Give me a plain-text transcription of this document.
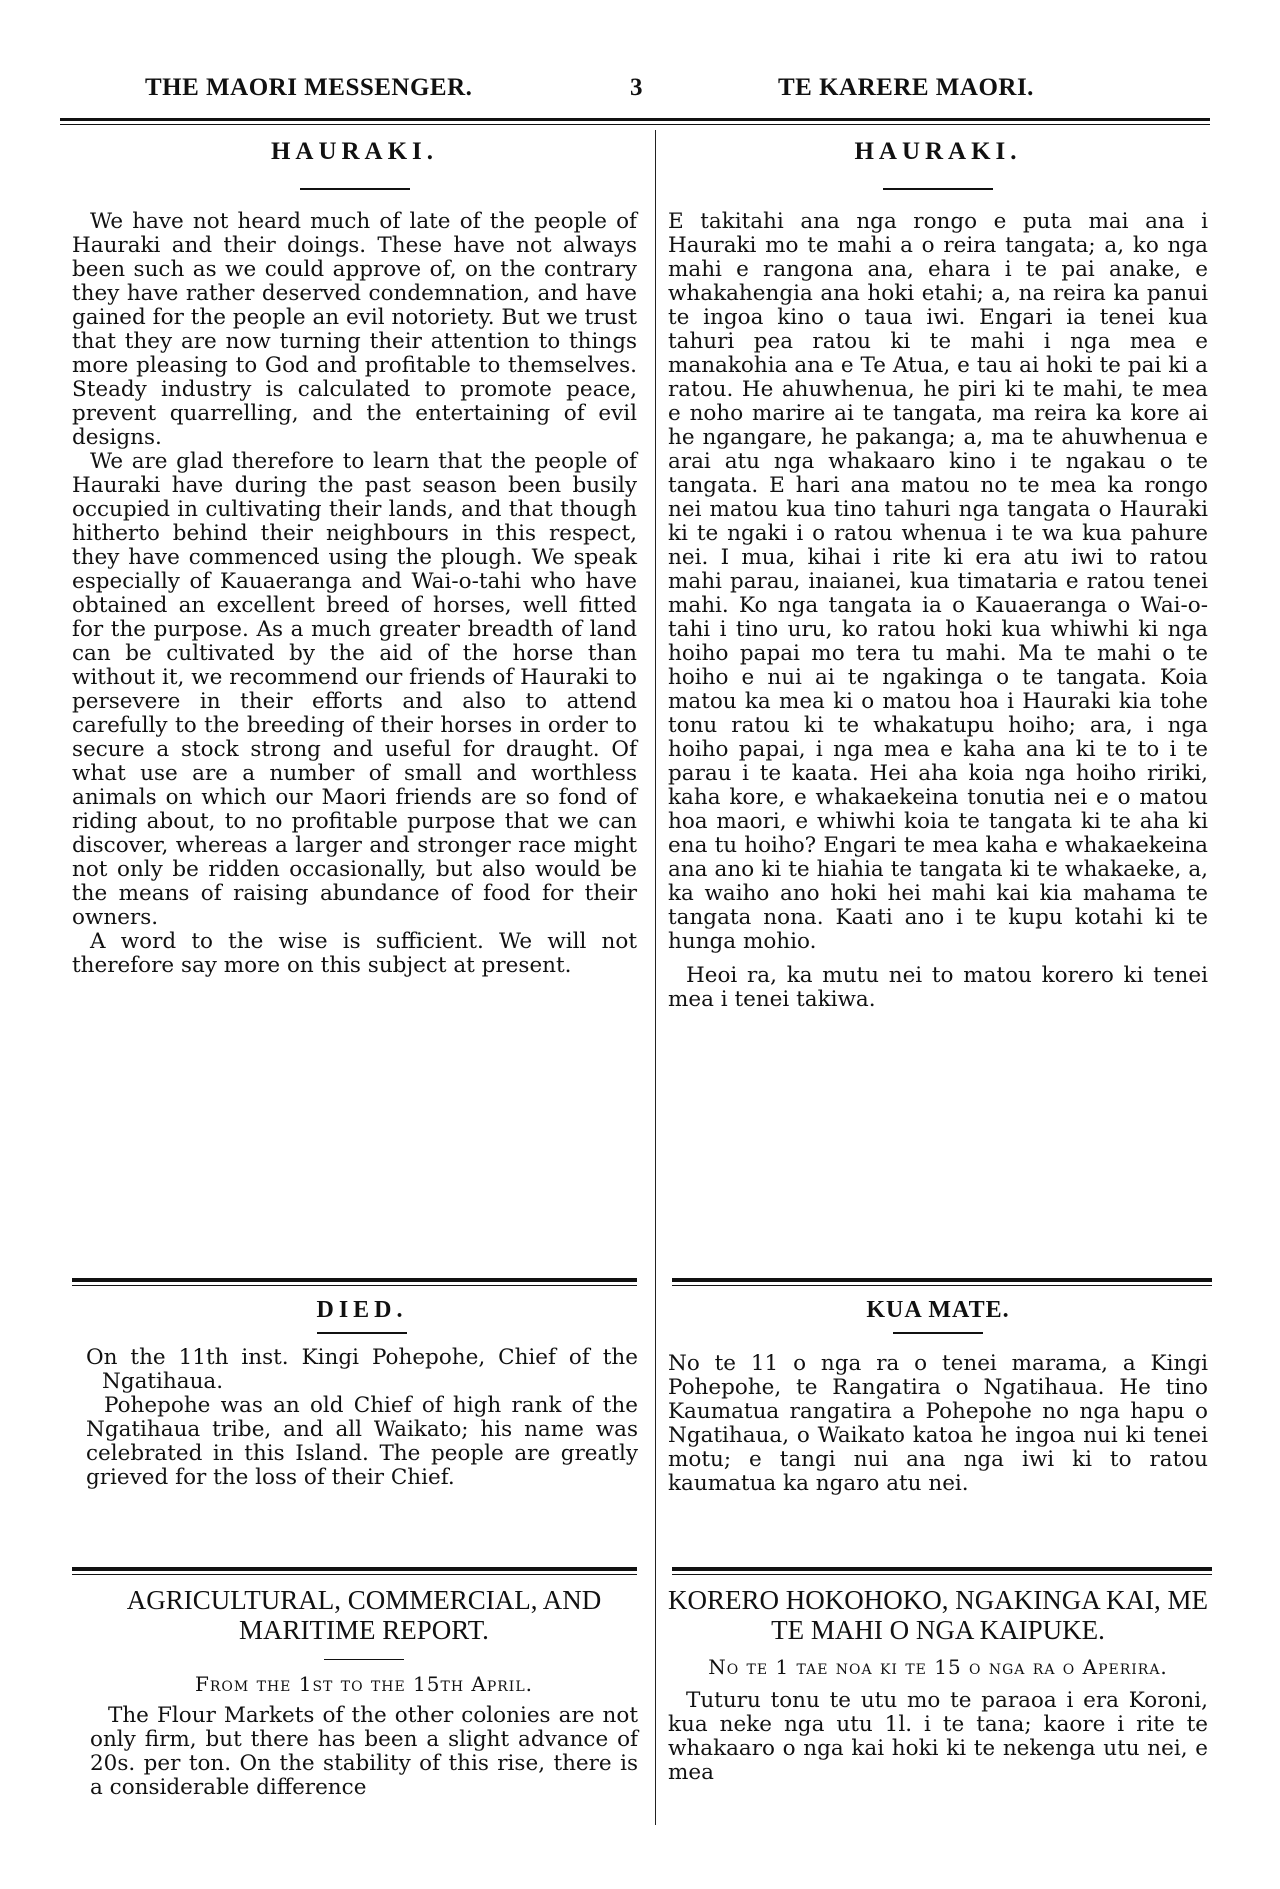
THE MAORI MESSENGER.	3	TE KARERE MAORI.
HAURAKI.

We have not heard much of late of the people of Hauraki and their doings. These have not always been such as we could approve of, on the contrary they have rather deserved condemnation, and have gained for the people an evil notoriety. But we trust that they are now turning their attention to things more pleasing to God and profitable to themselves. Steady industry is calculated to promote peace, prevent quarrelling, and the entertaining of evil designs.

We are glad therefore to learn that the people of Hauraki have during the past season been busily occupied in cultivating their lands, and that though hitherto behind their neighbours in this respect, they have commenced using the plough. We speak especially of Kauaeranga and Wai-o-tahi who have obtained an excellent breed of horses, well fitted for the purpose. As a much greater breadth of land can be cultivated by the aid of the horse than without it, we recommend our friends of Hauraki to persevere in their efforts and also to attend carefully to the breeding of their horses in order to secure a stock strong and useful for draught. Of what use are a number of small and worthless animals on which our Maori friends are so fond of riding about, to no profitable purpose that we can discover, whereas a larger and stronger race might not only be ridden occasionally, but also would be the means of raising abundance of food for their owners.

A word to the wise is sufficient. We will not therefore say more on this subject at present.

HAURAKI.

E takitahi ana nga rongo e puta mai ana i Hauraki mo te mahi a o reira tangata; a, ko nga mahi e rangona ana, ehara i te pai anake, e whakahengia ana hoki etahi; a, na reira ka panui te ingoa kino o taua iwi. Engari ia tenei kua tahuri pea ratou ki te mahi i nga mea e manakohia ana e Te Atua, e tau ai hoki te pai ki a ratou. He ahuwhenua, he piri ki te mahi, te mea e noho marire ai te tangata, ma reira ka kore ai he ngangare, he pakanga; a, ma te ahuwhenua e arai atu nga whakaaro kino i te ngakau o te tangata. E hari ana matou no te mea ka rongo nei matou kua tino tahuri nga tangata o Hauraki ki te ngaki i o ratou whenua i te wa kua pahure nei. I mua, kihai i rite ki era atu iwi to ratou mahi parau, inaianei, kua timataria e ratou tenei mahi. Ko nga tangata ia o Kauaeranga o Wai-o-tahi i tino uru, ko ratou hoki kua whiwhi ki nga hoiho papai mo tera tu mahi. Ma te mahi o te hoiho e nui ai te ngakinga o te tangata. Koia matou ka mea ki o matou hoa i Hauraki kia tohe tonu ratou ki te whakatupu hoiho; ara, i nga hoiho papai, i nga mea e kaha ana ki te to i te parau i te kaata. Hei aha koia nga hoiho ririki, kaha kore, e whakaekeina tonutia nei e o matou hoa maori, e whiwhi koia te tangata ki te aha ki ena tu hoiho? Engari te mea kaha e whakaekeina ana ano ki te hiahia te tangata ki te whakaeke, a, ka waiho ano hoki hei mahi kai kia mahama te tangata nona. Kaati ano i te kupu kotahi ki te hunga mohio.

Heoi ra, ka mutu nei to matou korero ki tenei mea i tenei takiwa.

DIED.

On the 11th inst. Kingi Pohepohe, Chief of the Ngatihaua.

Pohepohe was an old Chief of high rank of the Ngatihaua tribe, and all Waikato; his name was celebrated in this Island. The people are greatly grieved for the loss of their Chief.

KUA MATE.

No te 11 o nga ra o tenei marama, a Kingi Pohepohe, te Rangatira o Ngatihaua. He tino Kaumatua rangatira a Pohepohe no nga hapu o Ngatihaua, o Waikato katoa he ingoa nui ki tenei motu; e tangi nui ana nga iwi ki to ratou kaumatua ka ngaro atu nei.

AGRICULTURAL, COMMERCIAL, AND MARITIME REPORT.
From the 1st to the 15th April.

The Flour Markets of the other colonies are not only firm, but there has been a slight advance of 20s. per ton. On the stability of this rise, there is a considerable difference

KORERO HOKOHOKO, NGAKINGA KAI, ME TE MAHI O NGA KAIPUKE.
No te 1 tae noa ki te 15 o nga ra o Aperira.

Tuturu tonu te utu mo te paraoa i era Koroni, kua neke nga utu 1l. i te tana; kaore i rite te whakaaro o nga kai hoki ki te nekenga utu nei, e mea
